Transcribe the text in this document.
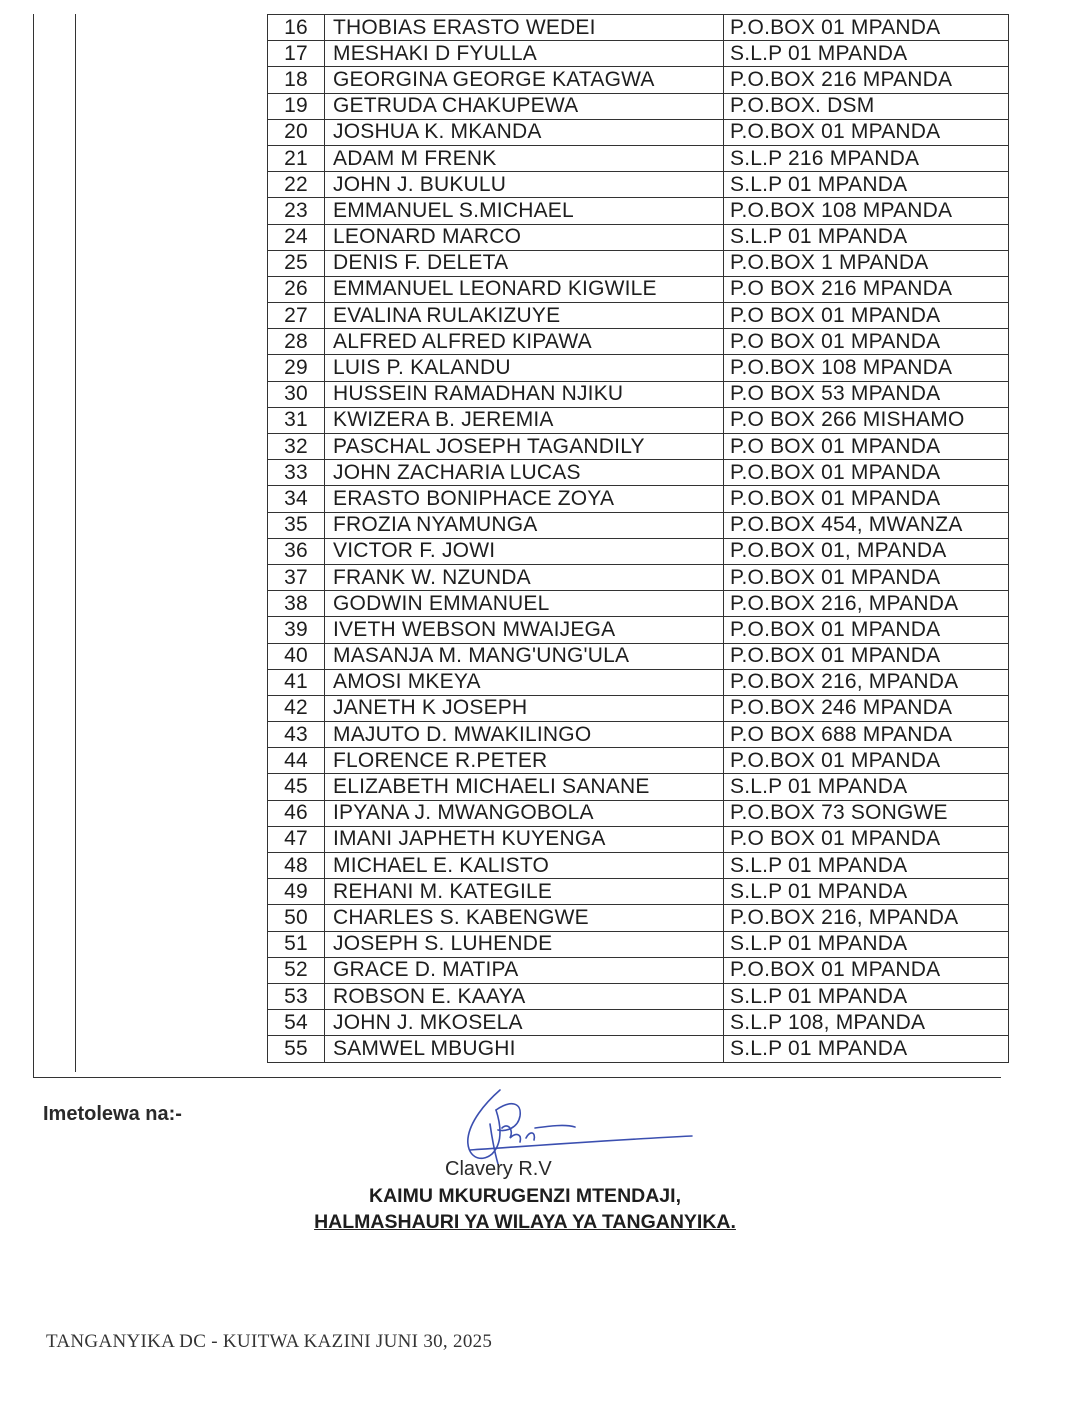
16	THOBIAS ERASTO WEDEI	P.O.BOX 01 MPANDA
17	MESHAKI D FYULLA	S.L.P 01 MPANDA
18	GEORGINA GEORGE KATAGWA	P.O.BOX 216 MPANDA
19	GETRUDA CHAKUPEWA	P.O.BOX. DSM
20	JOSHUA K. MKANDA	P.O.BOX 01 MPANDA
21	ADAM M FRENK	S.L.P 216 MPANDA
22	JOHN J. BUKULU	S.L.P 01 MPANDA
23	EMMANUEL S.MICHAEL	P.O.BOX 108 MPANDA
24	LEONARD MARCO	S.L.P 01 MPANDA
25	DENIS F. DELETA	P.O.BOX 1 MPANDA
26	EMMANUEL LEONARD KIGWILE	P.O BOX 216 MPANDA
27	EVALINA RULAKIZUYE	P.O BOX 01 MPANDA
28	ALFRED ALFRED KIPAWA	P.O BOX 01 MPANDA
29	LUIS P. KALANDU	P.O.BOX 108 MPANDA
30	HUSSEIN RAMADHAN NJIKU	P.O BOX 53 MPANDA
31	KWIZERA B. JEREMIA	P.O BOX 266 MISHAMO
32	PASCHAL JOSEPH TAGANDILY	P.O BOX 01 MPANDA
33	JOHN ZACHARIA LUCAS	P.O.BOX 01 MPANDA
34	ERASTO BONIPHACE ZOYA	P.O.BOX 01 MPANDA
35	FROZIA NYAMUNGA	P.O.BOX 454, MWANZA
36	VICTOR F. JOWI	P.O.BOX 01, MPANDA
37	FRANK W. NZUNDA	P.O.BOX 01 MPANDA
38	GODWIN EMMANUEL	P.O.BOX 216, MPANDA
39	IVETH WEBSON MWAIJEGA	P.O.BOX 01 MPANDA
40	MASANJA M. MANG'UNG'ULA	P.O.BOX 01 MPANDA
41	AMOSI MKEYA	P.O.BOX 216, MPANDA
42	JANETH K JOSEPH	P.O.BOX 246 MPANDA
43	MAJUTO D. MWAKILINGO	P.O BOX 688 MPANDA
44	FLORENCE R.PETER	P.O.BOX 01 MPANDA
45	ELIZABETH MICHAELI SANANE	S.L.P 01 MPANDA
46	IPYANA J. MWANGOBOLA	P.O.BOX 73 SONGWE
47	IMANI JAPHETH KUYENGA	P.O BOX 01 MPANDA
48	MICHAEL E. KALISTO	S.L.P 01 MPANDA
49	REHANI M. KATEGILE	S.L.P 01 MPANDA
50	CHARLES S. KABENGWE	P.O.BOX 216, MPANDA
51	JOSEPH S. LUHENDE	S.L.P 01 MPANDA
52	GRACE D. MATIPA	P.O.BOX 01 MPANDA
53	ROBSON E. KAAYA	S.L.P 01 MPANDA
54	JOHN J. MKOSELA	S.L.P 108, MPANDA
55	SAMWEL MBUGHI	S.L.P 01 MPANDA
Imetolewa na:-
Clavery R.V
KAIMU MKURUGENZI MTENDAJI,
HALMASHAURI YA WILAYA YA TANGANYIKA.
TANGANYIKA DC - KUITWA KAZINI JUNI 30, 2025
